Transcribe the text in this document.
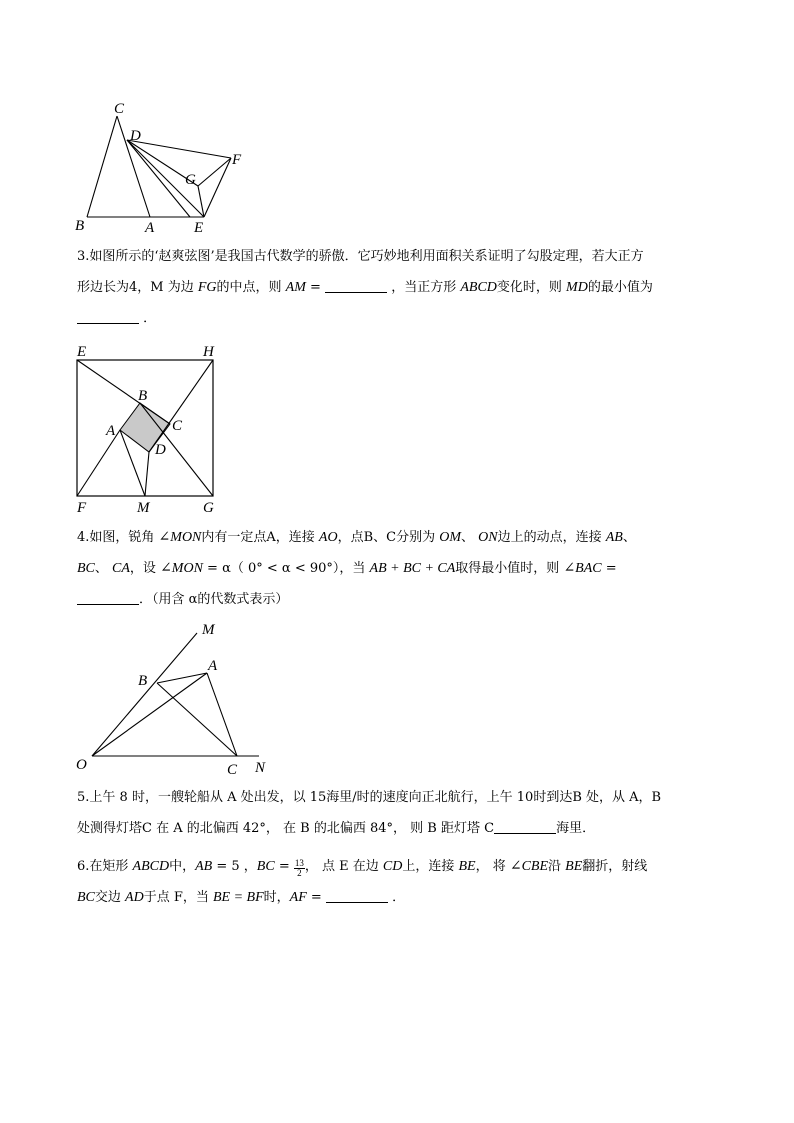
C
D
F
G
B	A	E
3.如图所示的‘赵爽弦图’是我国古代数学的骄傲．它巧妙地利用面积关系证明了勾股定理，若大正方
形边长为4，M 为边 FG的中点，则 AM =	，当正方形 ABCD变化时，则 MD的最小值为
．
E	H
B
A	C
D
F	M	G
4.如图，锐角 ∠MON内有一定点A，连接 AO，点B、C分别为 OM、 ON边上的动点，连接 AB、
BC、 CA，设 ∠MON = α（ 0° < α < 90°），当 AB + BC + CA取得最小值时，则 ∠BAC =
．（用含 α的代数式表示）
M
A
B
O	C N
5.上午 8 时，一艘轮船从 A 处出发，以 15海里/时的速度向正北航行，上午 10时到达B 处，从 A，B
处测得灯塔C 在 A 的北偏西 42°， 在 B 的北偏西 84°， 则 B 距灯塔 C	海里．
6.在矩形 ABCD中，AB = 5 ，BC = $\frac{13}{2}$ ， 点 E 在边 CD上，连接 BE， 将 ∠CBE沿 BE翻折，射线
BC交边 AD于点 F，当 BE = BF时，AF =	．
